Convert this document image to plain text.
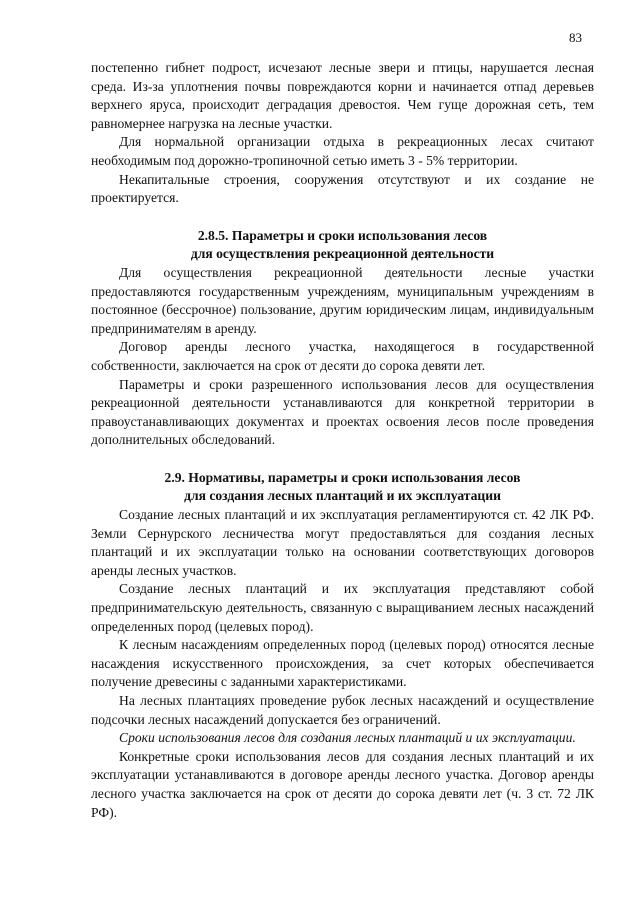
83

постепенно гибнет подрост, исчезают лесные звери и птицы, нарушается лесная среда. Из-за уплотнения почвы повреждаются корни и начинается отпад деревьев верхнего яруса, происходит деградация древостоя. Чем гуще дорожная сеть, тем равномернее нагрузка на лесные участки.

Для нормальной организации отдыха в рекреационных лесах считают необходимым под дорожно-тропиночной сетью иметь 3 - 5% территории.

Некапитальные строения, сооружения отсутствуют и их создание не проектируется.

2.8.5. Параметры и сроки использования лесов
для осуществления рекреационной деятельности

Для осуществления рекреационной деятельности лесные участки предоставляются государственным учреждениям, муниципальным учреждениям в постоянное (бессрочное) пользование, другим юридическим лицам, индивидуальным предпринимателям в аренду.

Договор аренды лесного участка, находящегося в государственной собственности, заключается на срок от десяти до сорока девяти лет.

Параметры и сроки разрешенного использования лесов для осуществления рекреационной деятельности устанавливаются для конкретной территории в правоустанавливающих документах и проектах освоения лесов после проведения дополнительных обследований.

2.9. Нормативы, параметры и сроки использования лесов
для создания лесных плантаций и их эксплуатации

Создание лесных плантаций и их эксплуатация регламентируются ст. 42 ЛК РФ. Земли Сернурского лесничества могут предоставляться для создания лесных плантаций и их эксплуатации только на основании соответствующих договоров аренды лесных участков.

Создание лесных плантаций и их эксплуатация представляют собой предпринимательскую деятельность, связанную с выращиванием лесных насаждений определенных пород (целевых пород).

К лесным насаждениям определенных пород (целевых пород) относятся лесные насаждения искусственного происхождения, за счет которых обеспечивается получение древесины с заданными характеристиками.

На лесных плантациях проведение рубок лесных насаждений и осуществление подсочки лесных насаждений допускается без ограничений.

Сроки использования лесов для создания лесных плантаций и их эксплуатации.

Конкретные сроки использования лесов для создания лесных плантаций и их эксплуатации устанавливаются в договоре аренды лесного участка. Договор аренды лесного участка заключается на срок от десяти до сорока девяти лет (ч. 3 ст. 72 ЛК РФ).
